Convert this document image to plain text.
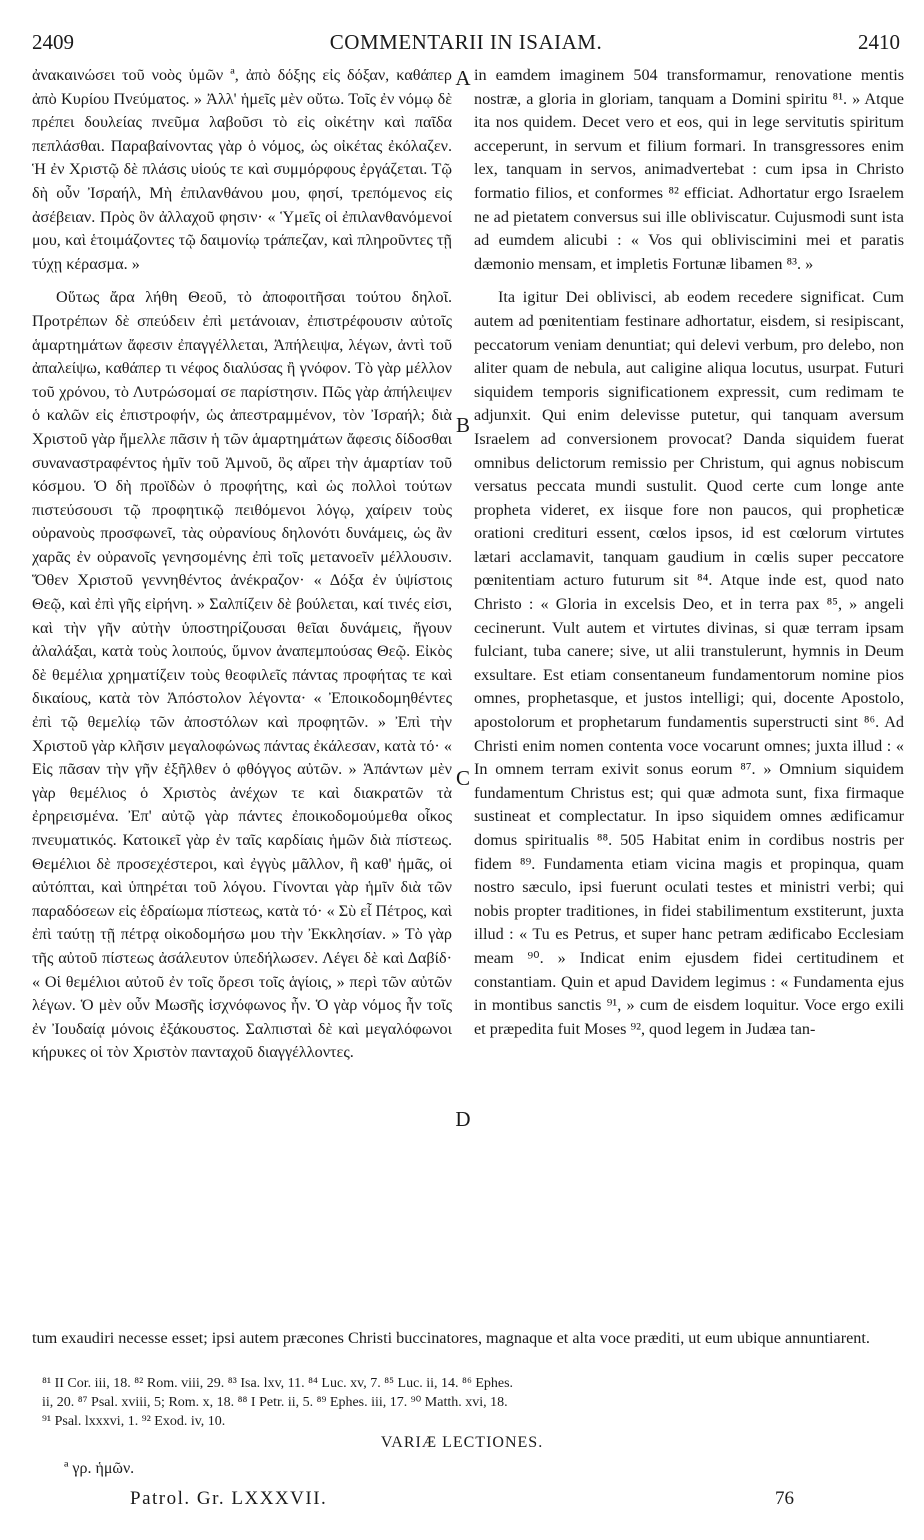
2409	COMMENTARII IN ISAIAM.	2410

ἀνακαινώσει τοῦ νοὸς ὑμῶν ª, ἀπὸ δόξης εἰς δόξαν, καθάπερ ἀπὸ Κυρίου Πνεύματος. » Ἀλλ' ἡμεῖς μὲν οὔτω. Τοῖς ἐν νόμῳ δὲ πρέπει δουλείας πνεῦμα λαβοῦσι τὸ εἰς οἰκέτην καὶ παῖδα πεπλάσθαι. Παραβαίνοντας γὰρ ὁ νόμος, ὡς οἰκέτας ἐκόλαζεν. Ἡ ἐν Χριστῷ δὲ πλάσις υἱούς τε καὶ συμμόρφους ἐργάζεται. Τῷ δὴ οὖν Ἰσραήλ, Μὴ ἐπιλανθάνου μου, φησί, τρεπόμενος εἰς ἀσέβειαν. Πρὸς ὃν ἀλλαχοῦ φησιν· « Ὑμεῖς οἱ ἐπιλανθανόμενοί μου, καὶ ἑτοιμάζοντες τῷ δαιμονίῳ τράπεζαν, καὶ πληροῦντες τῇ τύχῃ κέρασμα. »

Οὕτως ἄρα λήθη Θεοῦ, τὸ ἀποφοιτῆσαι τούτου δηλοῖ. Προτρέπων δὲ σπεύδειν ἐπὶ μετάνοιαν, ἐπιστρέφουσιν αὐτοῖς ἁμαρτημάτων ἄφεσιν ἐπαγγέλλεται, Ἀπήλειψα, λέγων, ἀντὶ τοῦ ἀπαλείψω, καθάπερ τι νέφος διαλύσας ἢ γνόφον. Τὸ γὰρ μέλλον τοῦ χρόνου, τὸ Λυτρώσομαί σε παρίστησιν. Πῶς γὰρ ἀπήλειψεν ὁ καλῶν εἰς ἐπιστροφήν, ὡς ἀπεστραμμένον, τὸν Ἰσραήλ; διὰ Χριστοῦ γὰρ ἤμελλε πᾶσιν ἡ τῶν ἁμαρτημάτων ἄφεσις δίδοσθαι συναναστραφέντος ἡμῖν τοῦ Ἀμνοῦ, ὃς αἴρει τὴν ἁμαρτίαν τοῦ κόσμου. Ὁ δὴ προϊδὼν ὁ προφήτης, καὶ ὡς πολλοὶ τούτων πιστεύσουσι τῷ προφητικῷ πειθόμενοι λόγῳ, χαίρειν τοὺς οὐρανοὺς προσφωνεῖ, τὰς οὐρανίους δηλονότι δυνάμεις, ὡς ἂν χαρᾶς ἐν οὐρανοῖς γενησομένης ἐπὶ τοῖς μετανοεῖν μέλλουσιν. Ὅθεν Χριστοῦ γεννηθέντος ἀνέκραζον· « Δόξα ἐν ὑψίστοις Θεῷ, καὶ ἐπὶ γῆς εἰρήνη. » Σαλπίζειν δὲ βούλεται, καί τινές εἰσι, καὶ τὴν γῆν αὐτὴν ὑποστηρίζουσαι θεῖαι δυνάμεις, ἤγουν ἀλαλάξαι, κατὰ τοὺς λοιπούς, ὕμνον ἀναπεμπούσας Θεῷ. Εἰκὸς δὲ θεμέλια χρηματίζειν τοὺς θεοφιλεῖς πάντας προφήτας τε καὶ δικαίους, κατὰ τὸν Ἀπόστολον λέγοντα· « Ἐποικοδομηθέντες ἐπὶ τῷ θεμελίῳ τῶν ἀποστόλων καὶ προφητῶν. » Ἐπὶ τὴν Χριστοῦ γὰρ κλῆσιν μεγαλοφώνως πάντας ἐκάλεσαν, κατὰ τό· « Εἰς πᾶσαν τὴν γῆν ἐξῆλθεν ὁ φθόγγος αὐτῶν. » Ἁπάντων μὲν γὰρ θεμέλιος ὁ Χριστὸς ἀνέχων τε καὶ διακρατῶν τὰ ἐρηρεισμένα. Ἐπ' αὐτῷ γὰρ πάντες ἐποικοδομούμεθα οἶκος πνευματικός. Κατοικεῖ γὰρ ἐν ταῖς καρδίαις ἡμῶν διὰ πίστεως. Θεμέλιοι δὲ προσεχέστεροι, καὶ ἐγγὺς μᾶλλον, ἢ καθ' ἡμᾶς, οἱ αὐτόπται, καὶ ὑπηρέται τοῦ λόγου. Γίνονται γὰρ ἡμῖν διὰ τῶν παραδόσεων εἰς ἑδραίωμα πίστεως, κατὰ τό· « Σὺ εἶ Πέτρος, καὶ ἐπὶ ταύτῃ τῇ πέτρᾳ οἰκοδομήσω μου τὴν Ἐκκλησίαν. » Τὸ γὰρ τῆς αὐτοῦ πίστεως ἀσάλευτον ὑπεδήλωσεν. Λέγει δὲ καὶ Δαβίδ· « Οἱ θεμέλιοι αὐτοῦ ἐν τοῖς ὄρεσι τοῖς ἁγίοις, » περὶ τῶν αὐτῶν λέγων. Ὁ μὲν οὖν Μωσῆς ἰσχνόφωνος ἦν. Ὁ γὰρ νόμος ἦν τοῖς ἐν Ἰουδαίᾳ μόνοις ἐξάκουστος. Σαλπισταὶ δὲ καὶ μεγαλόφωνοι κήρυκες οἱ τὸν Χριστὸν πανταχοῦ διαγγέλλοντες.

A
B
C
D

in eamdem imaginem 504 transformamur, renovatione mentis nostræ, a gloria in gloriam, tanquam a Domini spiritu ⁸¹. » Atque ita nos quidem. Decet vero et eos, qui in lege servitutis spiritum acceperunt, in servum et filium formari. In transgressores enim lex, tanquam in servos, animadvertebat : cum ipsa in Christo formatio filios, et conformes ⁸² efficiat. Adhortatur ergo Israelem ne ad pietatem conversus sui ille obliviscatur. Cujusmodi sunt ista ad eumdem alicubi : « Vos qui obliviscimini mei et paratis dæmonio mensam, et impletis Fortunæ libamen ⁸³. »

Ita igitur Dei oblivisci, ab eodem recedere significat. Cum autem ad pœnitentiam festinare adhortatur, eisdem, si resipiscant, peccatorum veniam denuntiat; qui delevi verbum, pro delebo, non aliter quam de nebula, aut caligine aliqua locutus, usurpat. Futuri siquidem temporis significationem expressit, cum redimam te adjunxit. Qui enim delevisse putetur, qui tanquam aversum Israelem ad conversionem provocat? Danda siquidem fuerat omnibus delictorum remissio per Christum, qui agnus nobiscum versatus peccata mundi sustulit. Quod certe cum longe ante propheta videret, ex iisque fore non paucos, qui propheticæ orationi crediturі essent, cœlos ipsos, id est cœlorum virtutes lætari acclamavit, tanquam gaudium in cœlis super peccatore pœnitentiam acturo futurum sit ⁸⁴. Atque inde est, quod nato Christo : « Gloria in excelsis Deo, et in terra pax ⁸⁵, » angeli cecinerunt. Vult autem et virtutes divinas, si quæ terram ipsam fulciant, tuba canere; sive, ut alii transtulerunt, hymnis in Deum exsultare. Est etiam consentaneum fundamentorum nomine pios omnes, prophetasque, et justos intelligi; qui, docente Apostolo, apostolorum et prophetarum fundamentis superstructi sint ⁸⁶. Ad Christi enim nomen contenta voce vocarunt omnes; juxta illud : « In omnem terram exivit sonus eorum ⁸⁷. » Omnium siquidem fundamentum Christus est; qui quæ admota sunt, fixa firmaque sustineat et complectatur. In ipso siquidem omnes ædificamur domus spiritualis ⁸⁸. 505 Habitat enim in cordibus nostris per fidem ⁸⁹. Fundamenta etiam vicina magis et propinqua, quam nostro sæculo, ipsi fuerunt oculati testes et ministri verbi; qui nobis propter traditiones, in fidei stabilimentum exstiterunt, juxta illud : « Tu es Petrus, et super hanc petram ædificabo Ecclesiam meam ⁹⁰. » Indicat enim ejusdem fidei certitudinem et constantiam. Quin et apud Davidem legimus : « Fundamenta ejus in montibus sanctis ⁹¹, » cum de eisdem loquitur. Voce ergo exili et præpedita fuit Moses ⁹², quod legem in Judæa tan-

tum exaudiri necesse esset; ipsi autem præcones Christi buccinatores, magnaque et alta voce præditi, ut eum ubique annuntiarent.
⁸¹ II Cor. iii, 18. ⁸² Rom. viii, 29. ⁸³ Isa. lxv, 11. ⁸⁴ Luc. xv, 7. ⁸⁵ Luc. ii, 14. ⁸⁶ Ephes.
ii, 20. ⁸⁷ Psal. xviii, 5; Rom. x, 18. ⁸⁸ I Petr. ii, 5. ⁸⁹ Ephes. iii, 17. ⁹⁰ Matth. xvi, 18.
⁹¹ Psal. lxxxvi, 1. ⁹² Exod. iv, 10.
VARIÆ LECTIONES.
ª γρ. ἡμῶν.
Patrol. Gr. LXXXVII.	76
